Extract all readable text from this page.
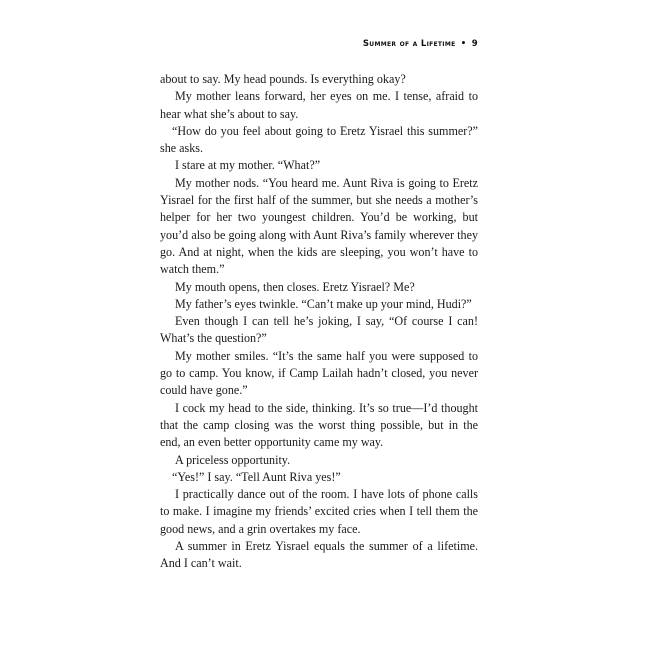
Summer of a Lifetime • 9

about to say. My head pounds. Is everything okay?

My mother leans forward, her eyes on me. I tense, afraid to hear what she’s about to say.

“How do you feel about going to Eretz Yisrael this summer?” she asks.

I stare at my mother. “What?”

My mother nods. “You heard me. Aunt Riva is going to Eretz Yisrael for the first half of the summer, but she needs a mother’s helper for her two youngest children. You’d be working, but you’d also be going along with Aunt Riva’s family wherever they go. And at night, when the kids are sleeping, you won’t have to watch them.”

My mouth opens, then closes. Eretz Yisrael? Me?

My father’s eyes twinkle. “Can’t make up your mind, Hudi?”

Even though I can tell he’s joking, I say, “Of course I can! What’s the question?”

My mother smiles. “It’s the same half you were supposed to go to camp. You know, if Camp Lailah hadn’t closed, you never could have gone.”

I cock my head to the side, thinking. It’s so true—I’d thought that the camp closing was the worst thing possible, but in the end, an even better opportunity came my way.

A priceless opportunity.

“Yes!” I say. “Tell Aunt Riva yes!”

I practically dance out of the room. I have lots of phone calls to make. I imagine my friends’ excited cries when I tell them the good news, and a grin overtakes my face.

A summer in Eretz Yisrael equals the summer of a lifetime. And I can’t wait.
